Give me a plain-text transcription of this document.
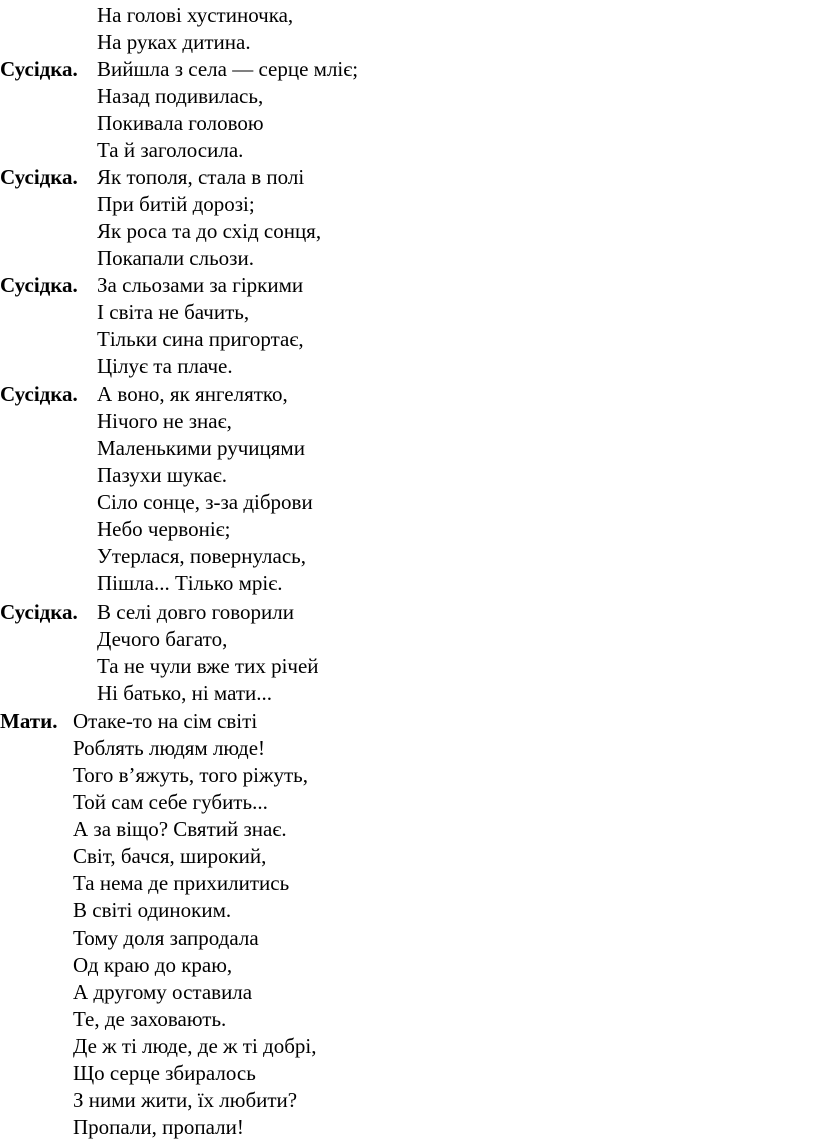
На голові хустиночка,
На руках дитина.
Сусідка. Вийшла з села — серце мліє;
Назад подивилась,
Покивала головою
Та й заголосила.
Сусідка. Як тополя, стала в полі
При битій дорозі;
Як роса та до схід сонця,
Покапали сльози.
Сусідка. За сльозами за гіркими
І світа не бачить,
Тільки сина пригортає,
Цілує та плаче.
Сусідка. А воно, як янгелятко,
Нічого не знає,
Маленькими ручицями
Пазухи шукає.
Сіло сонце, з-за діброви
Небо червоніє;
Утерлася, повернулась,
Пішла... Тілько мріє.
Сусідка. В селі довго говорили
Дечого багато,
Та не чули вже тих річей
Ні батько, ні мати...
Мати. Отаке-то на сім світі
Роблять людям люде!
Того в’яжуть, того ріжуть,
Той сам себе губить...
А за віщо? Святий знає.
Світ, бачся, широкий,
Та нема де прихилитись
В світі одиноким.
Тому доля запродала
Од краю до краю,
А другому оставила
Те, де заховають.
Де ж ті люде, де ж ті добрі,
Що серце збиралось
З ними жити, їх любити?
Пропали, пропали!
